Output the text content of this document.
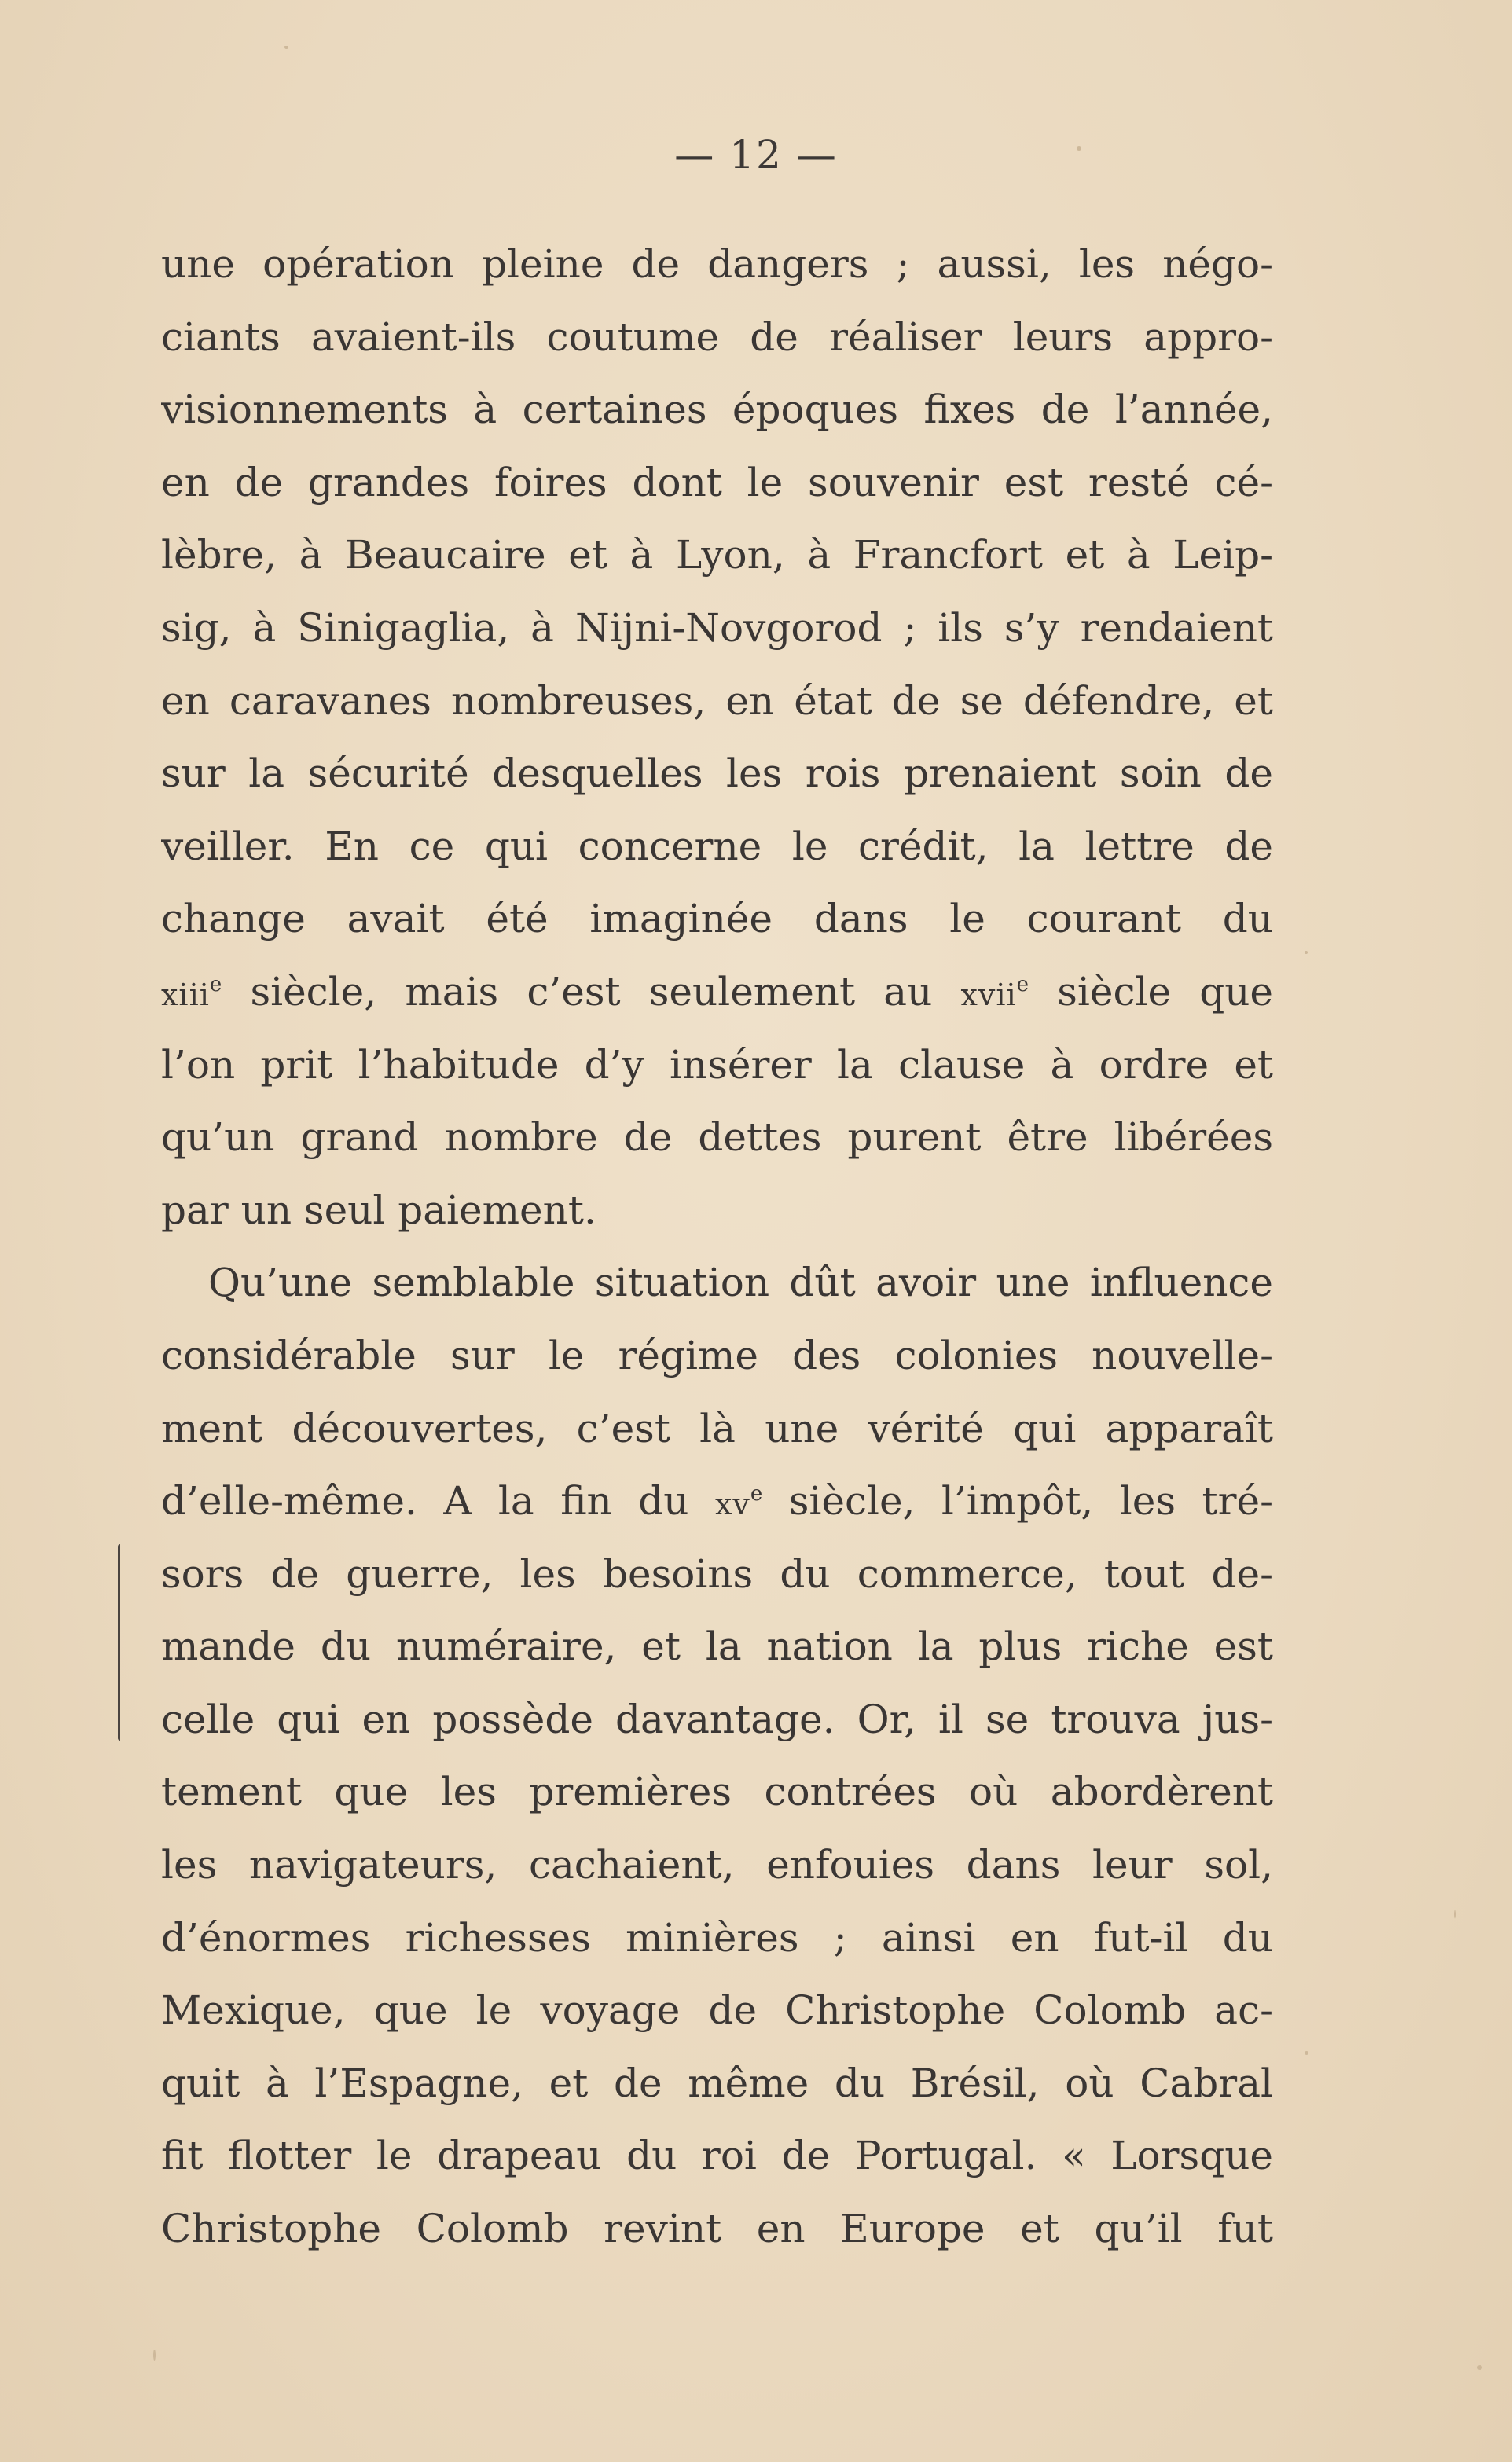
— 12 —
une opération pleine de dangers ; aussi, les négo-
ciants avaient-ils coutume de réaliser leurs appro-
visionnements à certaines époques fixes de l’année,
en de grandes foires dont le souvenir est resté cé-
lèbre, à Beaucaire et à Lyon, à Francfort et à Leip-
sig, à Sinigaglia, à Nijni-Novgorod ; ils s’y rendaient
en caravanes nombreuses, en état de se défendre, et
sur la sécurité desquelles les rois prenaient soin de
veiller. En ce qui concerne le crédit, la lettre de
change avait été imaginée dans le courant du
xiii$^e$ siècle, mais c’est seulement au xvii$^e$ siècle que
l’on prit l’habitude d’y insérer la clause à ordre et
qu’un grand nombre de dettes purent être libérées
par un seul paiement.
Qu’une semblable situation dût avoir une influence
considérable sur le régime des colonies nouvelle-
ment découvertes, c’est là une vérité qui apparaît
d’elle-même. A la fin du $xv^e$ siècle, l’impôt, les tré-
sors de guerre, les besoins du commerce, tout de-
mande du numéraire, et la nation la plus riche est
celle qui en possède davantage. Or, il se trouva jus-
tement que les premières contrées où abordèrent
les navigateurs, cachaient, enfouies dans leur sol,
d’énormes richesses minières ; ainsi en fut-il du
Mexique, que le voyage de Christophe Colomb ac-
quit à l’Espagne, et de même du Brésil, où Cabral
fit flotter le drapeau du roi de Portugal. « Lorsque
Christophe Colomb revint en Europe et qu’il fut
